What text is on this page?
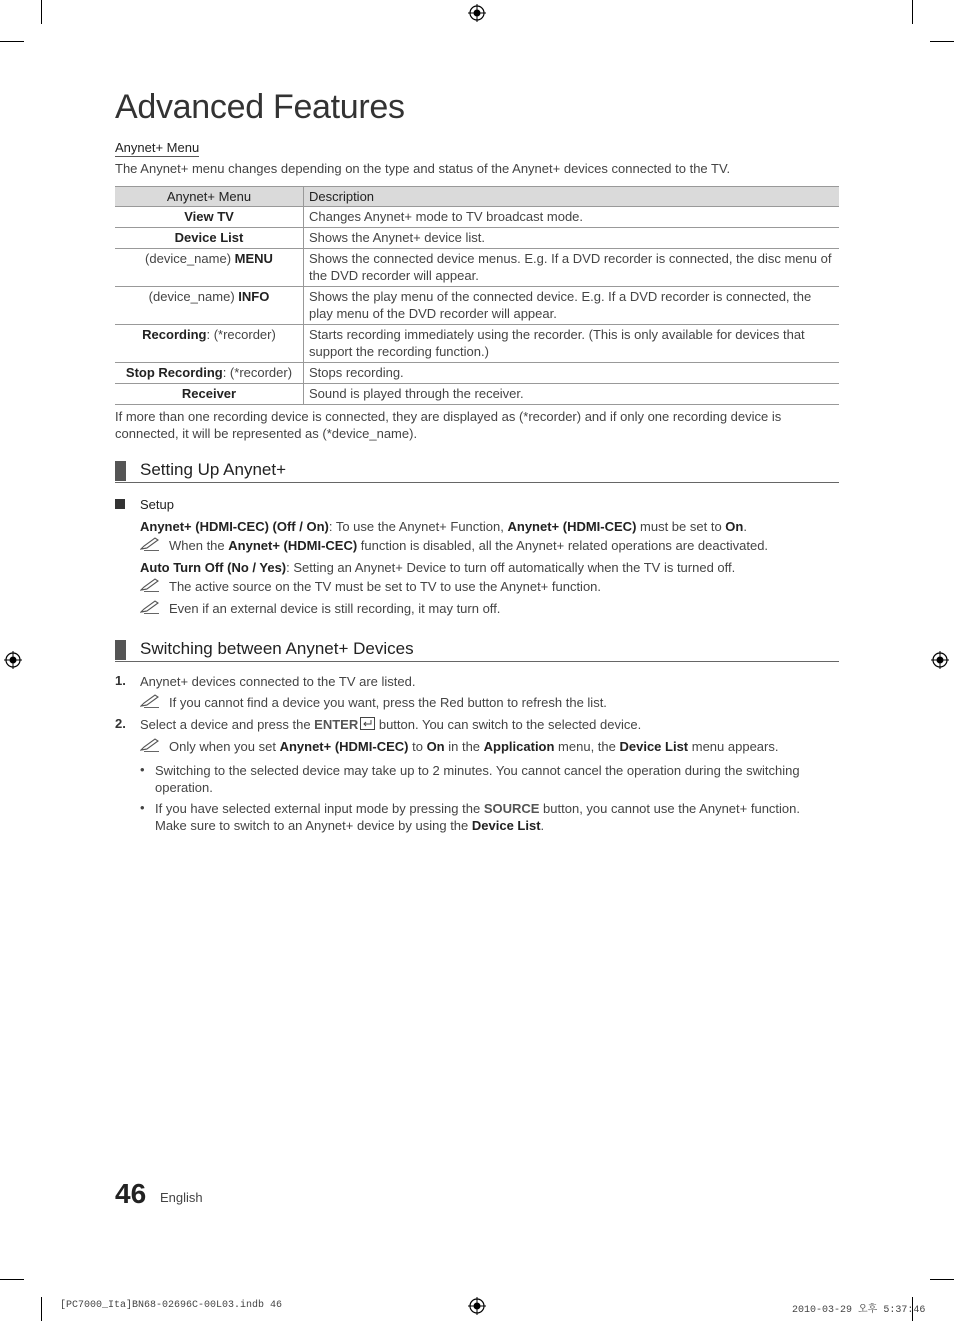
Advanced Features
Anynet+ Menu
The Anynet+ menu changes depending on the type and status of the Anynet+ devices connected to the TV.
Anynet+ Menu	Description
View TV	Changes Anynet+ mode to TV broadcast mode.
Device List	Shows the Anynet+ device list.
(device_name) MENU	Shows the connected device menus. E.g. If a DVD recorder is connected, the disc menu of the DVD recorder will appear.
(device_name) INFO	Shows the play menu of the connected device. E.g. If a DVD recorder is connected, the play menu of the DVD recorder will appear.
Recording: (*recorder)	Starts recording immediately using the recorder. (This is only available for devices that support the recording function.)
Stop Recording: (*recorder)	Stops recording.
Receiver	Sound is played through the receiver.
If more than one recording device is connected, they are displayed as (*recorder) and if only one recording device is connected, it will be represented as (*device_name).
Setting Up Anynet+
Setup
Anynet+ (HDMI-CEC) (Off / On): To use the Anynet+ Function, Anynet+ (HDMI-CEC) must be set to On.
When the Anynet+ (HDMI-CEC) function is disabled, all the Anynet+ related operations are deactivated.
Auto Turn Off (No / Yes): Setting an Anynet+ Device to turn off automatically when the TV is turned off.
The active source on the TV must be set to TV to use the Anynet+ function.
Even if an external device is still recording, it may turn off.
Switching between Anynet+ Devices
1. Anynet+ devices connected to the TV are listed.
If you cannot find a device you want, press the Red button to refresh the list.
2. Select a device and press the ENTER
button. You can switch to the selected device.
Only when you set Anynet+ (HDMI-CEC) to On in the Application menu, the Device List menu appears.
• Switching to the selected device may take up to 2 minutes. You cannot cancel the operation during the switching operation.
• If you have selected external input mode by pressing the SOURCE button, you cannot use the Anynet+ function. Make sure to switch to an Anynet+ device by using the Device List.
46 English
[PC7000_Ita]BN68-02696C-00L03.indb 46	2010-03-29 오후 5:37:46
